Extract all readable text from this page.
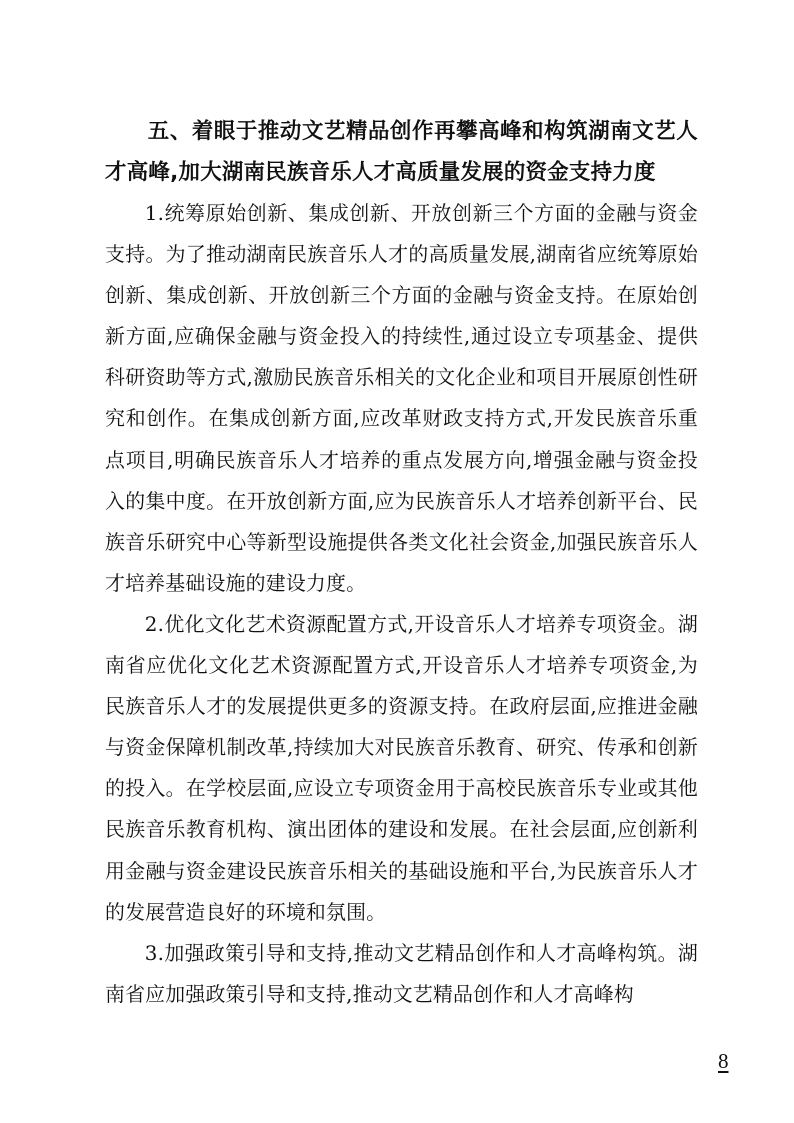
五、着眼于推动文艺精品创作再攀高峰和构筑湖南文艺人才高峰,加大湖南民族音乐人才高质量发展的资金支持力度

1.统筹原始创新、集成创新、开放创新三个方面的金融与资金支持。为了推动湖南民族音乐人才的高质量发展,湖南省应统筹原始创新、集成创新、开放创新三个方面的金融与资金支持。在原始创新方面,应确保金融与资金投入的持续性,通过设立专项基金、提供科研资助等方式,激励民族音乐相关的文化企业和项目开展原创性研究和创作。在集成创新方面,应改革财政支持方式,开发民族音乐重点项目,明确民族音乐人才培养的重点发展方向,增强金融与资金投入的集中度。在开放创新方面,应为民族音乐人才培养创新平台、民族音乐研究中心等新型设施提供各类文化社会资金,加强民族音乐人才培养基础设施的建设力度。

2.优化文化艺术资源配置方式,开设音乐人才培养专项资金。湖南省应优化文化艺术资源配置方式,开设音乐人才培养专项资金,为民族音乐人才的发展提供更多的资源支持。在政府层面,应推进金融与资金保障机制改革,持续加大对民族音乐教育、研究、传承和创新的投入。在学校层面,应设立专项资金用于高校民族音乐专业或其他民族音乐教育机构、演出团体的建设和发展。在社会层面,应创新利用金融与资金建设民族音乐相关的基础设施和平台,为民族音乐人才的发展营造良好的环境和氛围。

3.加强政策引导和支持,推动文艺精品创作和人才高峰构筑。湖南省应加强政策引导和支持,推动文艺精品创作和人才高峰构

8
